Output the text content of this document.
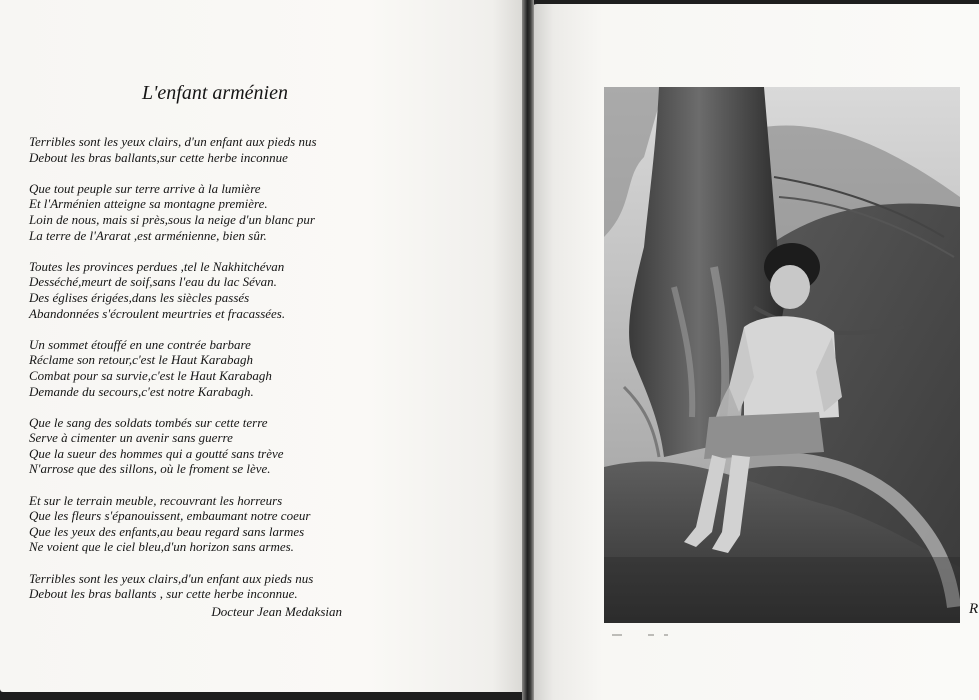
L'enfant arménien
Terribles sont les yeux clairs, d'un enfant aux pieds nus
Debout les bras ballants,sur cette herbe inconnue
Que tout peuple sur terre arrive à la lumière
Et l'Arménien atteigne sa montagne première.
Loin de nous, mais si près,sous la neige d'un blanc pur
La terre de l'Ararat ,est arménienne, bien sûr.
Toutes les provinces perdues ,tel le Nakhitchévan
Desséché,meurt de soif,sans l'eau du lac Sévan.
Des églises érigées,dans les siècles passés
Abandonnées s'écroulent meurtries et fracassées.
Un sommet étouffé en une contrée barbare
Réclame son retour,c'est le Haut Karabagh
Combat pour sa survie,c'est le Haut Karabagh
Demande du secours,c'est notre Karabagh.
Que le sang des soldats tombés sur cette terre
Serve à cimenter un avenir sans guerre
Que la sueur des hommes qui a goutté sans trève
N'arrose que des sillons, où le froment se lève.
Et sur le terrain meuble, recouvrant les horreurs
Que les fleurs s'épanouissent, embaumant notre coeur
Que les yeux des enfants,au beau regard sans larmes
Ne voient que le ciel bleu,d'un horizon sans armes.
Terribles sont les yeux clairs,d'un enfant aux pieds nus
Debout les bras ballants , sur cette herbe inconnue.
Docteur Jean Medaksian	R
